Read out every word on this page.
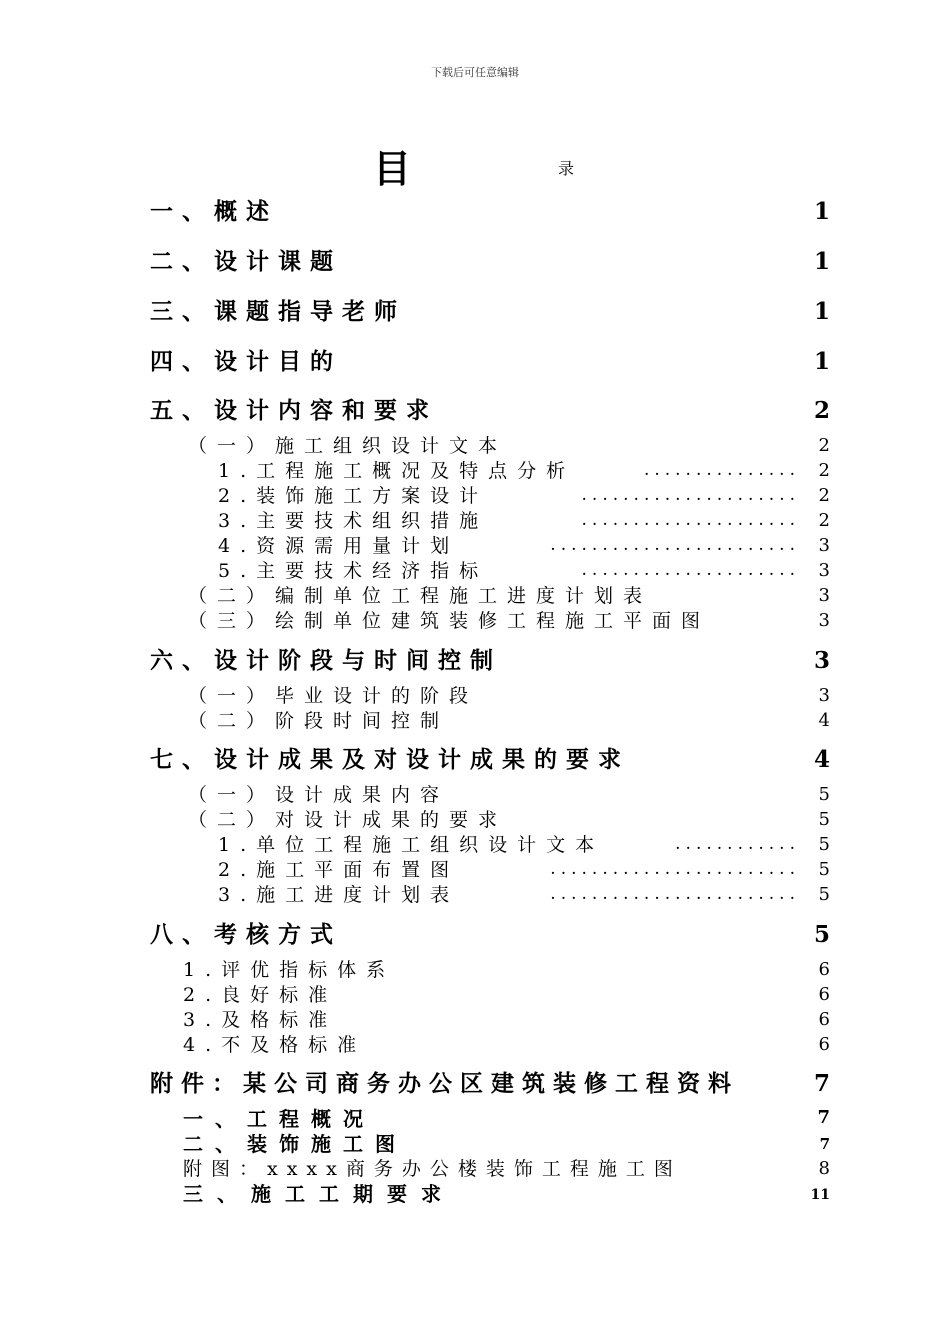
下载后可任意编辑
目	录
一、概述	1
二、设计课题	1
三、课题指导老师	1
四、设计目的	1
五、设计内容和要求	2
（一）施工组织设计文本	2
1.工程施工概况及特点分析	............... 2
2.装饰施工方案设计	..................... 2
3.主要技术组织措施	..................... 2
4.资源需用量计划	........................ 3
5.主要技术经济指标	..................... 3
（二）编制单位工程施工进度计划表	3
（三）绘制单位建筑装修工程施工平面图	3
六、设计阶段与时间控制	3
（一）毕业设计的阶段	3
（二）阶段时间控制	4
七、设计成果及对设计成果的要求	4
（一）设计成果内容	5
（二）对设计成果的要求	5
1.单位工程施工组织设计文本	............ 5
2.施工平面布置图	........................ 5
3.施工进度计划表	........................ 5
八、考核方式	5
1.评优指标体系	6
2.良好标准	6
3.及格标准	6
4.不及格标准	6
附件：某公司商务办公区建筑装修工程资料	7
一、工程概况	7
二、装饰施工图	7
附图：xxxx商务办公楼装饰工程施工图	8
三、施工工期要求	11
